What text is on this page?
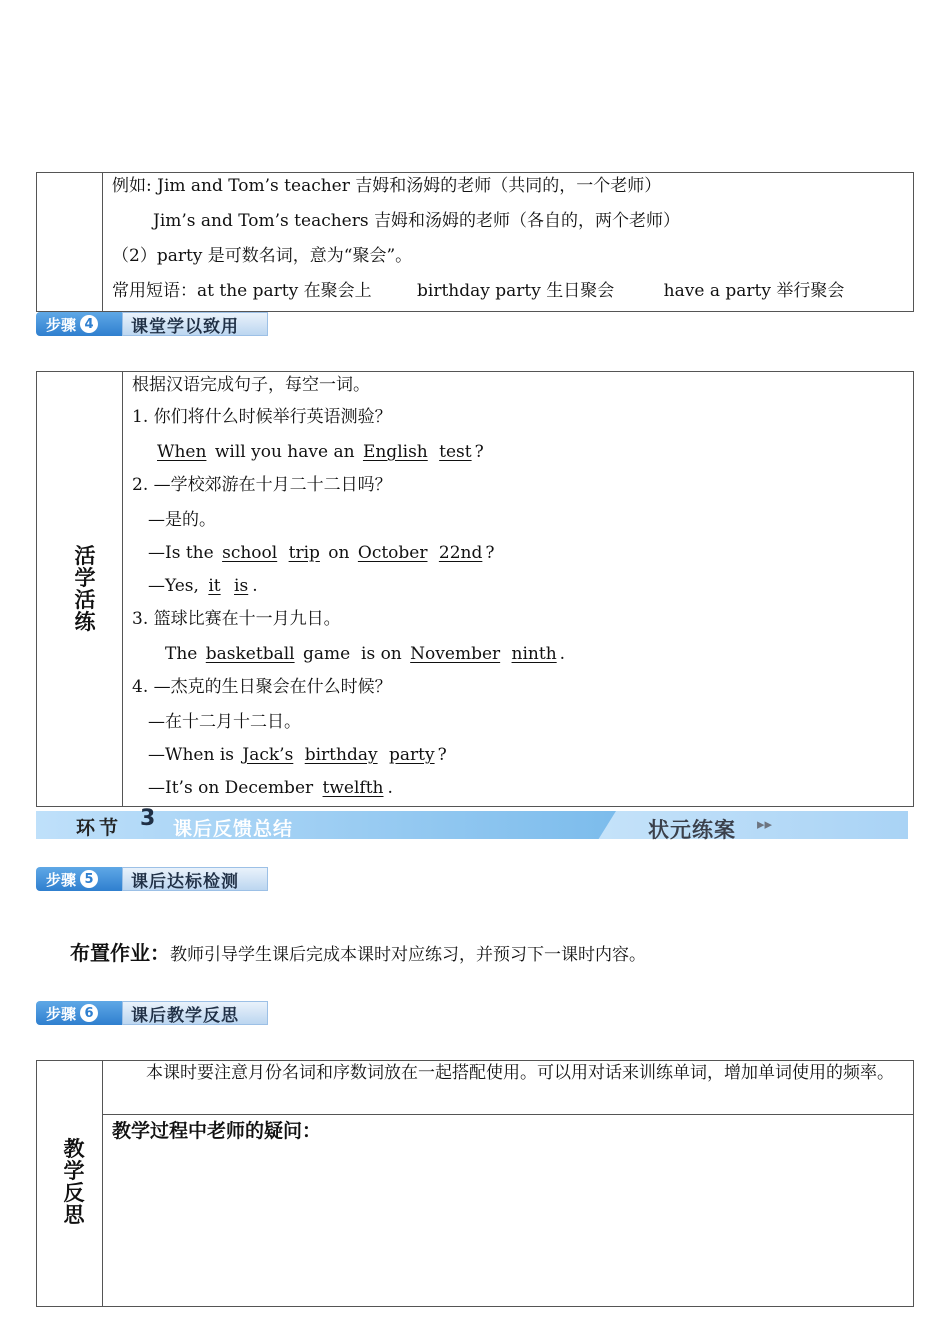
例如: Jim and Tom’s teacher 吉姆和汤姆的老师（共同的，一个老师）
Jim’s and Tom’s teachers 吉姆和汤姆的老师（各自的，两个老师）
（2）party 是可数名词，意为“聚会”。
常用短语：at the party 在聚会上	birthday party 生日聚会	have a party 举行聚会
步骤 4	课堂学以致用
活学活练
根据汉语完成句子，每空一词。
1. 你们将什么时候举行英语测验？
When will you have an English test ?
2. —学校郊游在十月二十二日吗？
—是的。
—Is the school trip on October 22nd ?
—Yes, it is .
3. 篮球比赛在十一月九日。
The basketball game  is on November ninth .
4. —杰克的生日聚会在什么时候？
—在十二月十二日。
—When is Jack’s birthday party ?
—It’s on December twelfth .
环节 3 课后反馈总结	状元练案 ▸▸
步骤 5	课后达标检测
布置作业：教师引导学生课后完成本课时对应练习，并预习下一课时内容。
步骤 6	课后教学反思
教学反思
本课时要注意月份名词和序数词放在一起搭配使用。可以用对话来训练单词，增加单词使用的频率。
教学过程中老师的疑问：
